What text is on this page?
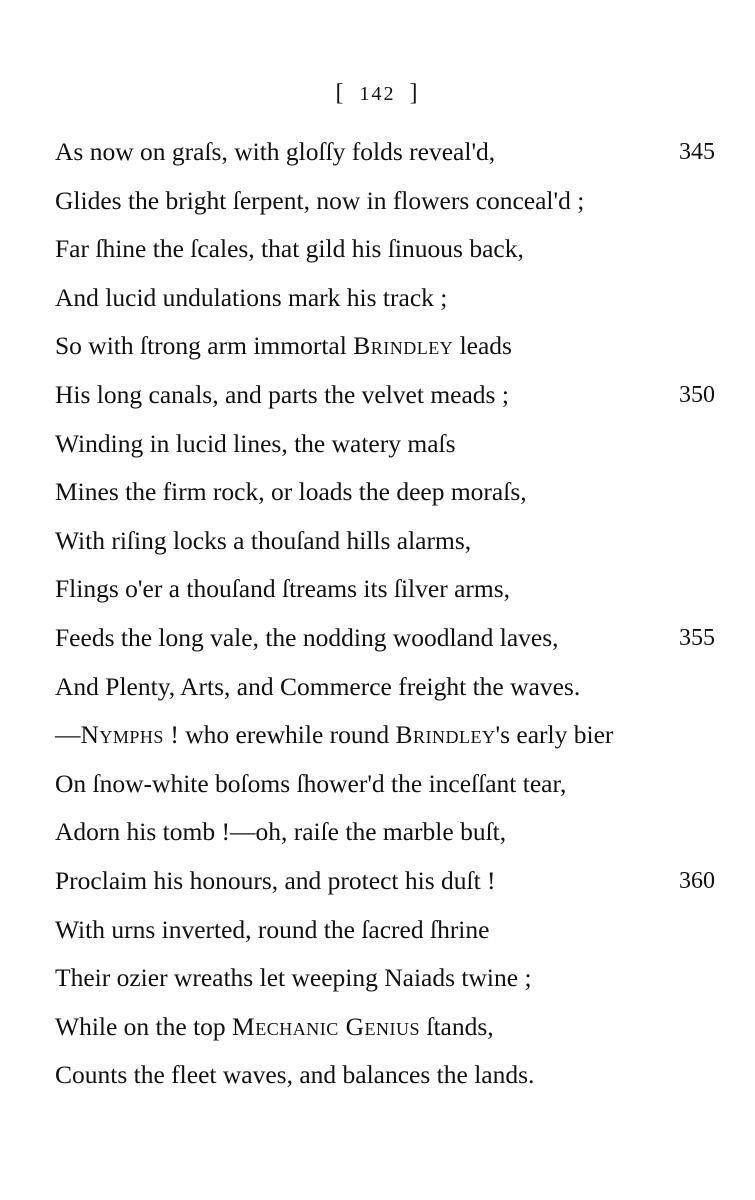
[ 142 ]
As now on graſs, with gloſſy folds reveal'd,	345
Glides the bright ſerpent, now in flowers conceal'd ;
Far ſhine the ſcales, that gild his ſinuous back,
And lucid undulations mark his track ;
So with ſtrong arm immortal Brindley leads
His long canals, and parts the velvet meads ;	350
Winding in lucid lines, the watery maſs
Mines the firm rock, or loads the deep moraſs,
With riſing locks a thouſand hills alarms,
Flings o'er a thouſand ſtreams its ſilver arms,
Feeds the long vale, the nodding woodland laves,	355
And Plenty, Arts, and Commerce freight the waves.
—Nymphs ! who erewhile round Brindley's early bier
On ſnow-white boſoms ſhower'd the inceſſant tear,
Adorn his tomb !—oh, raiſe the marble buſt,
Proclaim his honours, and protect his duſt !	360
With urns inverted, round the ſacred ſhrine
Their ozier wreaths let weeping Naiads twine ;
While on the top Mechanic Genius ſtands,
Counts the fleet waves, and balances the lands.
